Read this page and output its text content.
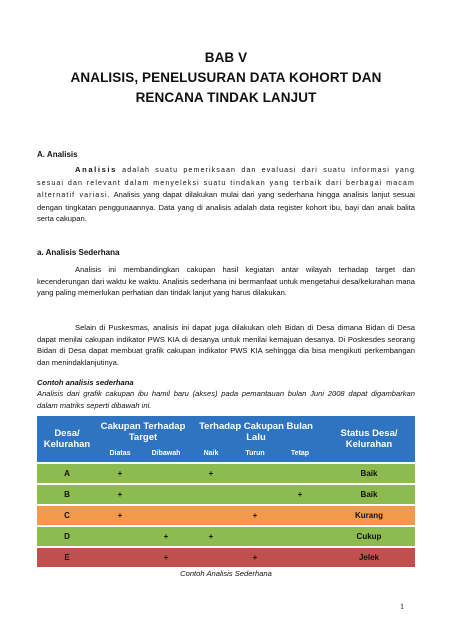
BAB V
ANALISIS, PENELUSURAN DATA KOHORT DAN
RENCANA TINDAK LANJUT
A. Analisis
Analisis adalah suatu pemeriksaan dan evaluasi dari suatu informasi yang sesuai dan relevant dalam menyeleksi suatu tindakan yang terbaik dari berbagai macam alternatif variasi. Analisis yang dapat dilakukan mulai dari yang sederhana hingga analisis lanjut sesuai dengan tingkatan penggunaannya. Data yang di analisis adalah data register kohort ibu, bayi dan anak balita serta cakupan.
a. Analisis Sederhana
Analisis ini membandingkan cakupan hasil kegiatan antar wilayah terhadap target dan kecenderungan dari waktu ke waktu. Analisis sederhana ini bermanfaat untuk mengetahui desa/kelurahan mana yang paling memerlukan perhatian dan tindak lanjut yang harus dilakukan.
Selain di Puskesmas, analisis ini dapat juga dilakukan oleh Bidan di Desa dimana Bidan di Desa dapat menilai cakupan indikator PWS KIA di desanya untuk menilai kemajuan desanya. Di Poskesdes seorang Bidan di Desa dapat membuat grafik cakupan indikator PWS KIA sehingga dia bisa mengikuti perkembangan dan menindaklanjutinya.
Contoh analisis sederhana
Analisis dari grafik cakupan ibu hamil baru (akses) pada pemantauan bulan Juni 2008 dapat digambarkan dalam matriks seperti dibawah ini.
Desa/ Kelurahan	Cakupan Terhadap Target		Terhadap Cakupan Bulan Lalu			Status Desa/ Kelurahan
	Diatas	Dibawah	Naik	Turun	Tetap	
A	+		+			Baik
B	+				+	Baik
C	+			+		Kurang
D		+	+			Cukup
E		+		+		Jelek
Contoh Analisis Sederhana
1
